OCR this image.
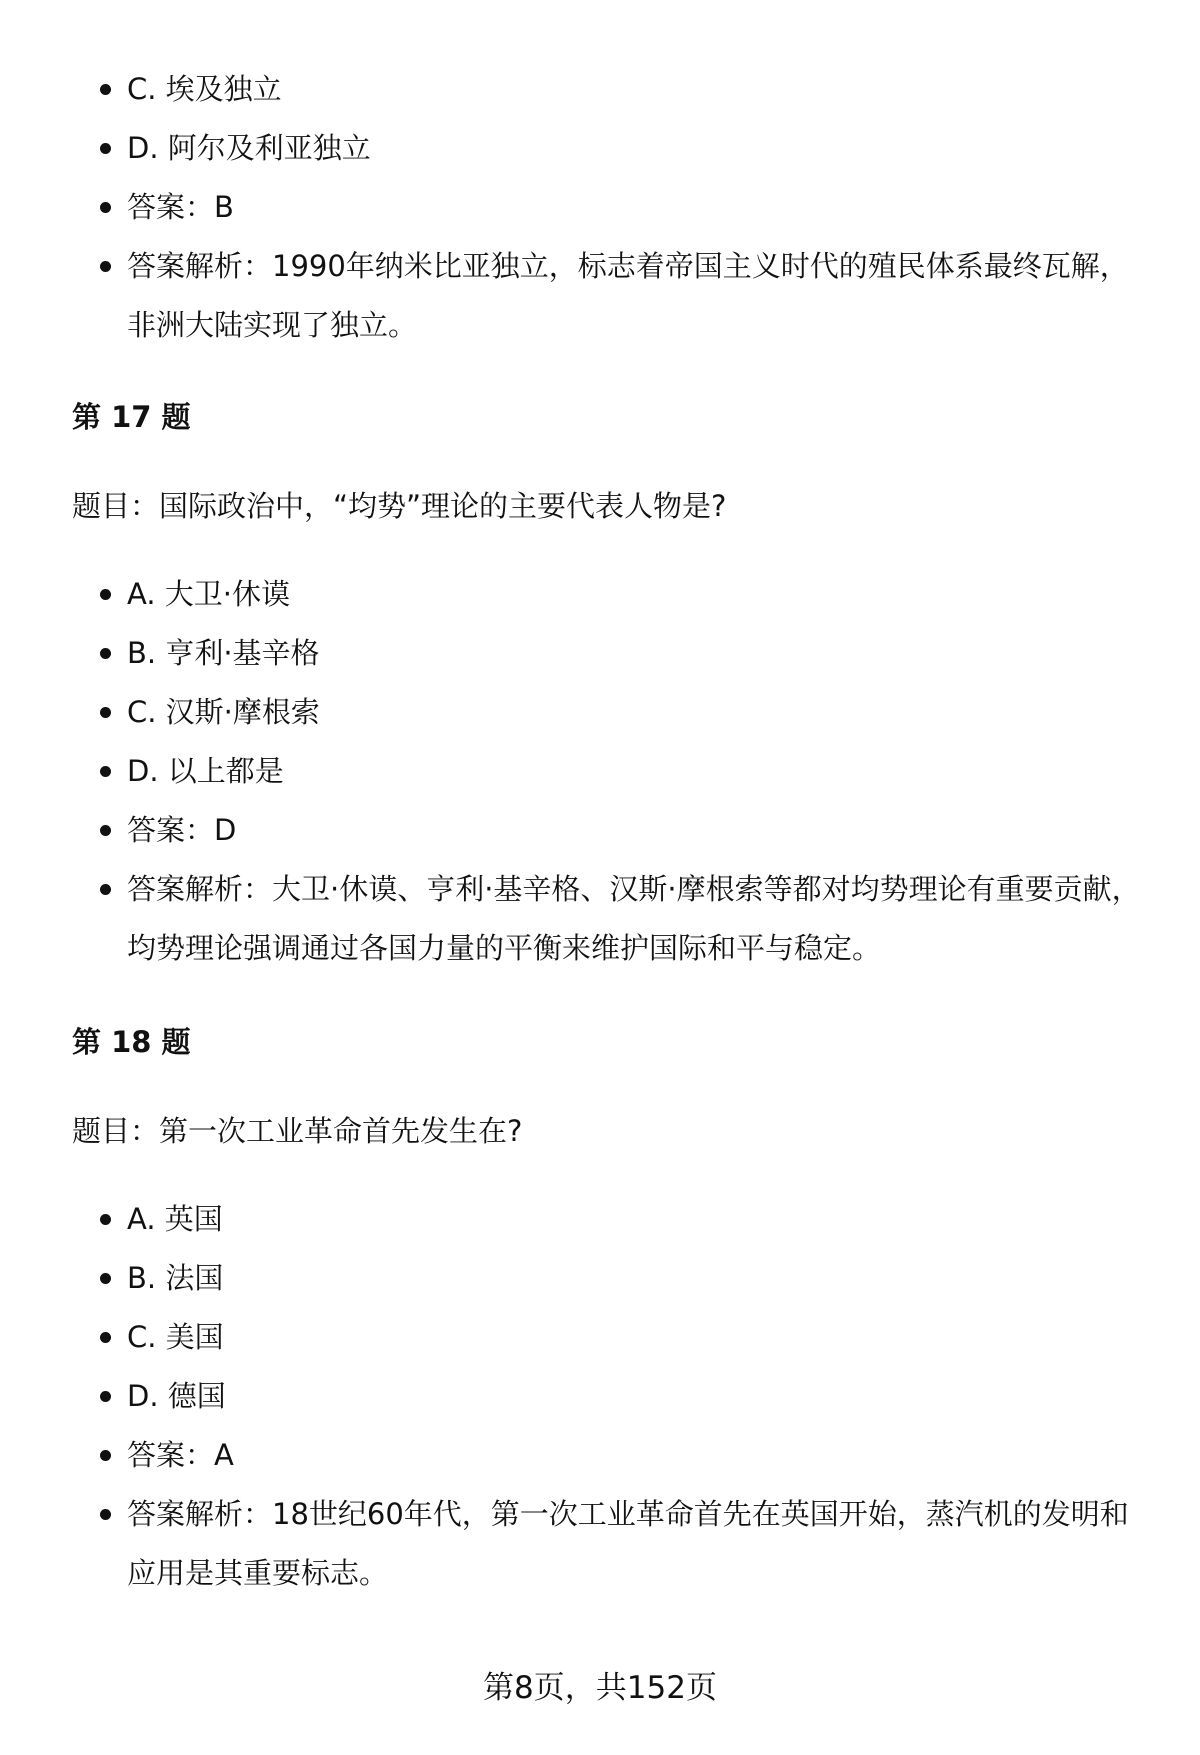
C. 埃及独立
D. 阿尔及利亚独立
答案：B
答案解析：1990年纳米比亚独立，标志着帝国主义时代的殖民体系最终瓦解，非洲大陆实现了独立。
第 17 题
题目：国际政治中，“均势”理论的主要代表人物是?
A. 大卫·休谟
B. 亨利·基辛格
C. 汉斯·摩根索
D. 以上都是
答案：D
答案解析：大卫·休谟、亨利·基辛格、汉斯·摩根索等都对均势理论有重要贡献，均势理论强调通过各国力量的平衡来维护国际和平与稳定。
第 18 题
题目：第一次工业革命首先发生在?
A. 英国
B. 法国
C. 美国
D. 德国
答案：A
答案解析：18世纪60年代，第一次工业革命首先在英国开始，蒸汽机的发明和应用是其重要标志。
第8页，共152页
